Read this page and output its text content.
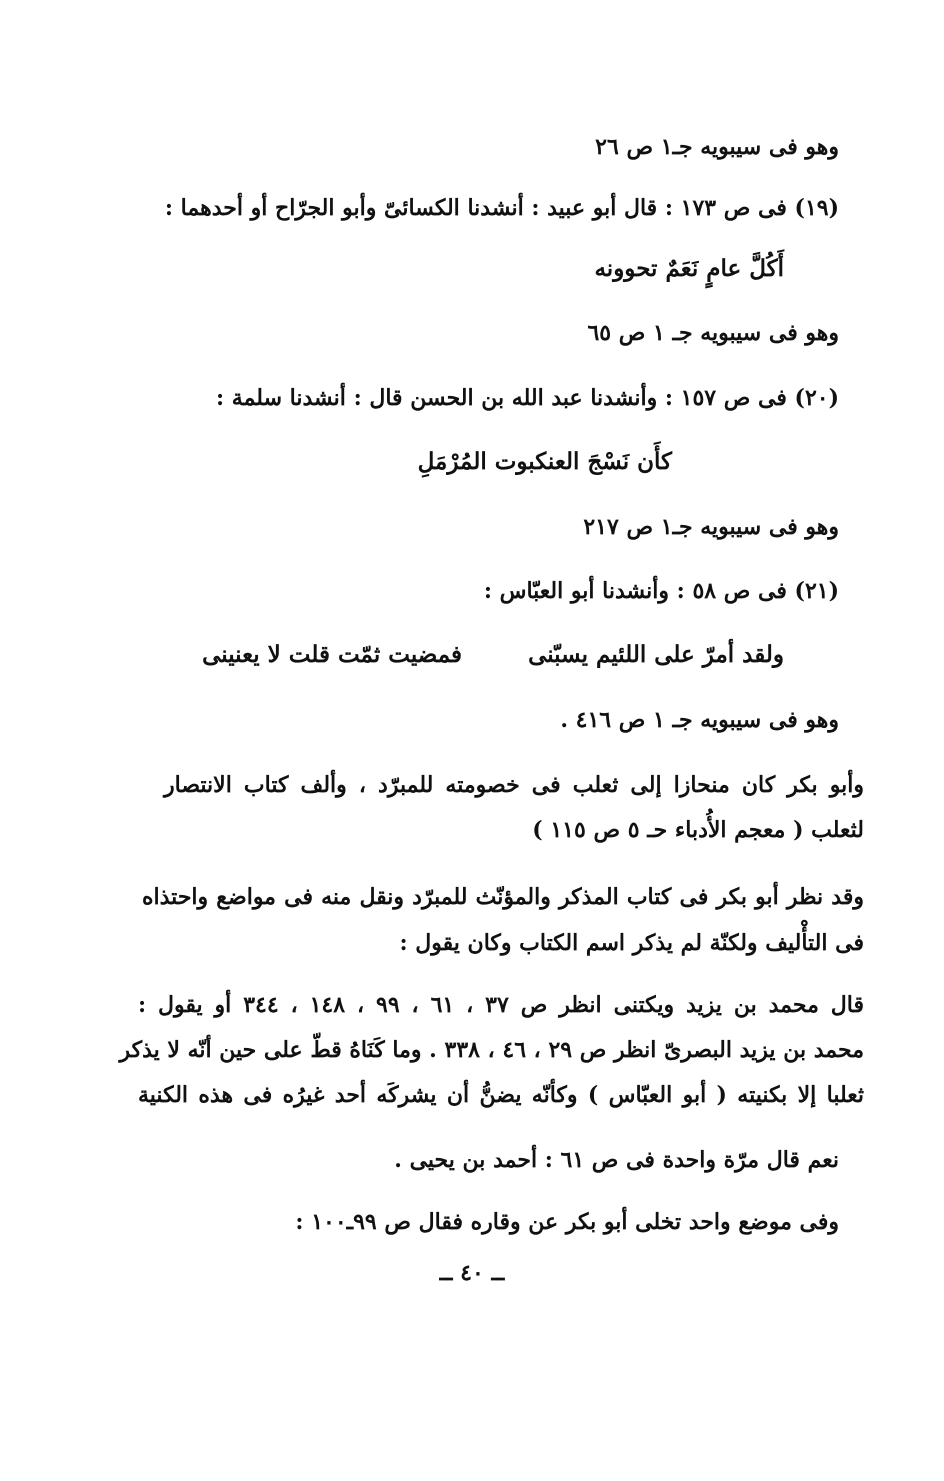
وهو فى سيبويه جـ١ ص ٢٦
(١٩) فى ص ١٧٣ : قال أبو عبيد : أنشدنا الكسائىّ وأبو الجرّاح أو أحدهما :
أَكُلَّ عامٍ نَعَمٌ تحوونه
وهو فى سيبويه جـ ١ ص ٦٥
(٢٠) فى ص ١٥٧ : وأنشدنا عبد الله بن الحسن قال : أنشدنا سلمة :
كأَن نَسْجَ العنكبوت المُرْمَلِ
وهو فى سيبويه جـ١ ص ٢١٧
(٢١) فى ص ٥٨ : وأنشدنا أبو العبّاس :
ولقد أمرّ على اللئيم يسبّنى
فمضيت ثمّت قلت لا يعنينى
وهو فى سيبويه جـ ١ ص ٤١٦ .
وأبو بكر كان منحازا إلى ثعلب فى خصومته للمبرّد ، وألف كتاب الانتصار
لثعلب ( معجم الأُدباء حـ ٥ ص ١١٥ )
وقد نظر أبو بكر فى كتاب المذكر والمؤنّث للمبرّد ونقل منه فى مواضع واحتذاه
فى التأْليف ولكنّة لم يذكر اسم الكتاب وكان يقول :
قال محمد بن يزيد ويكتنى انظر ص ٣٧ ، ٦١ ، ٩٩ ، ١٤٨ ، ٣٤٤ أو يقول :
محمد بن يزيد البصرىّ انظر ص ٢٩ ، ٤٦ ، ٣٣٨ . وما كَنَاهُ قطّ على حين أنّه لا يذكر
ثعلبا إلا بكنيته ( أبو العبّاس ) وكأنّه يضنُّ أن يشركَه أحد غيرُه فى هذه الكنية
نعم قال مرّة واحدة فى ص ٦١ : أحمد بن يحيى .
وفى موضع واحد تخلى أبو بكر عن وقاره فقال ص ٩٩ـ١٠٠ :
ــ ٤٠ ــ
